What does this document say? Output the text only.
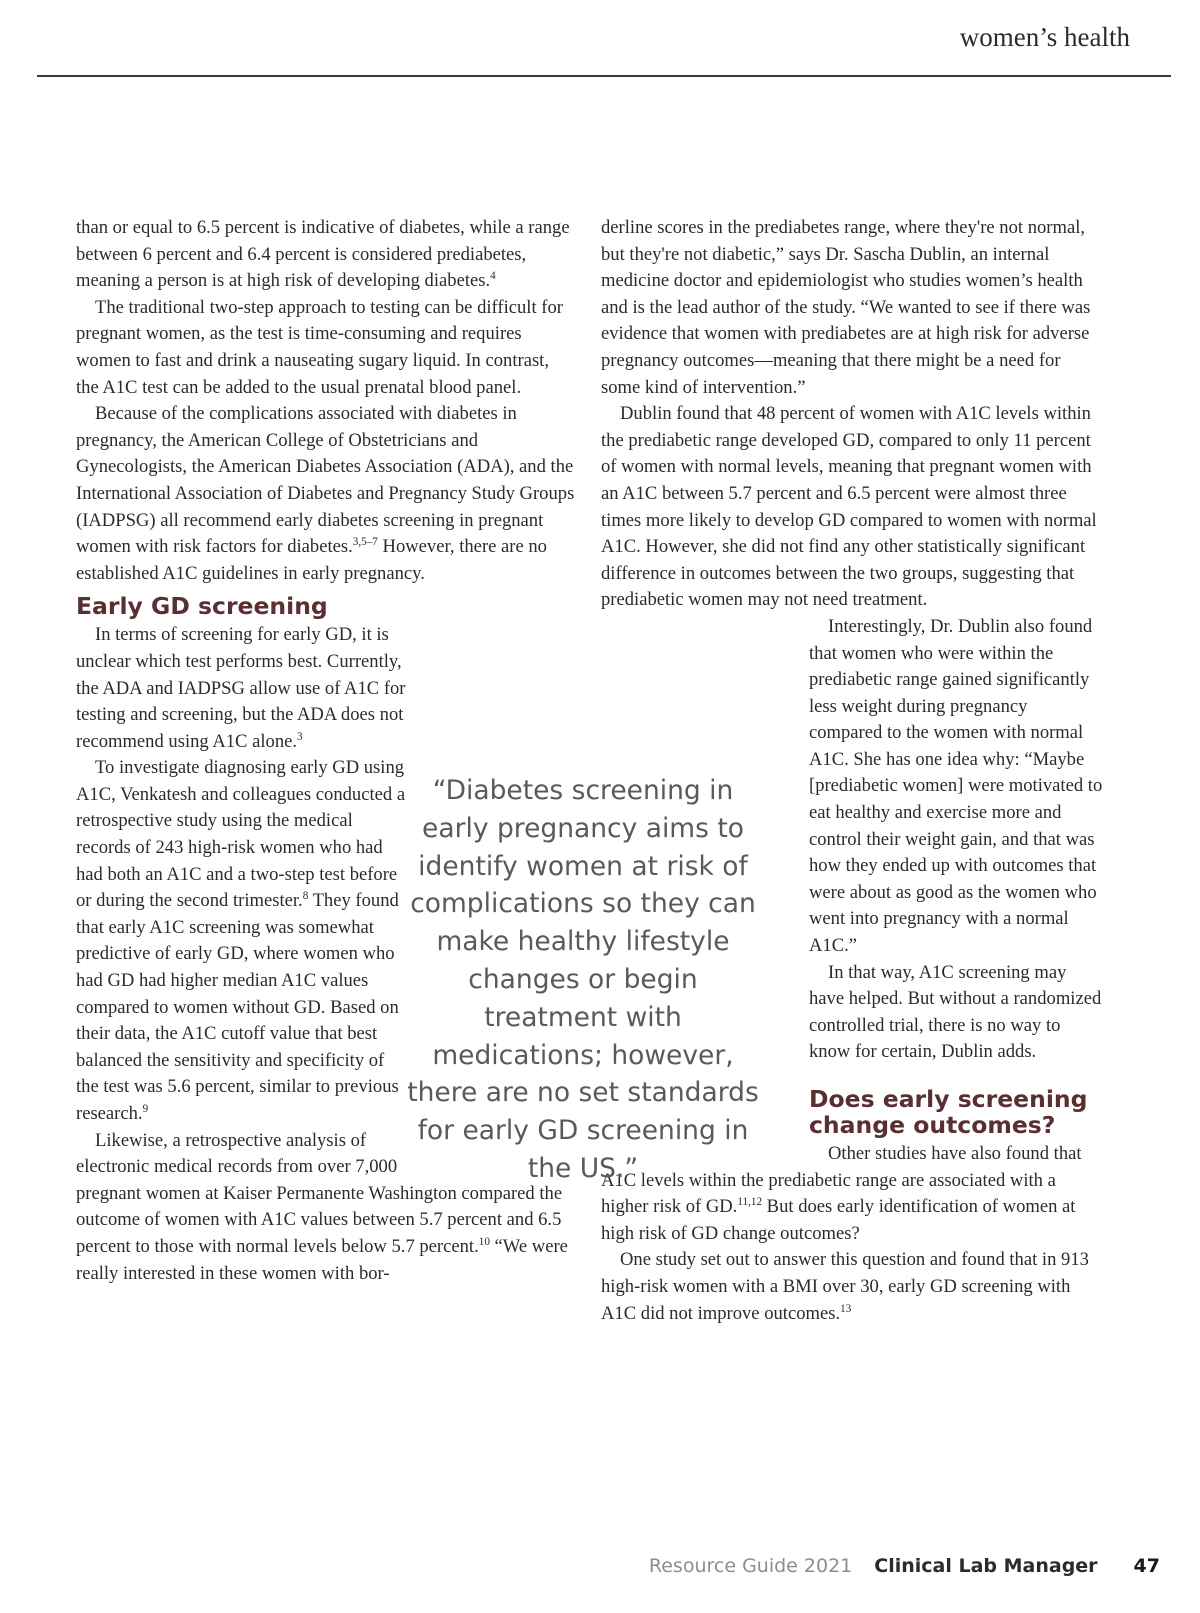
women’s health

than or equal to 6.5 percent is indicative of diabetes, while a range between 6 percent and 6.4 percent is considered prediabetes, meaning a person is at high risk of developing diabetes.$^4$

The traditional two-step approach to testing can be difficult for pregnant women, as the test is time-consuming and requires women to fast and drink a nauseating sugary liquid. In contrast, the A1C test can be added to the usual prenatal blood panel.

Because of the complications associated with diabetes in pregnancy, the American College of Obstetricians and Gynecologists, the American Diabetes Association (ADA), and the International Association of Diabetes and Pregnancy Study Groups (IADPSG) all recommend early diabetes screening in pregnant women with risk factors for diabetes.$^{3,5-7}$ However, there are no established A1C guidelines in early pregnancy.

Early GD screening

In terms of screening for early GD, it is unclear which test performs best. Currently, the ADA and IADPSG allow use of A1C for testing and screening, but the ADA does not recommend using A1C alone.$^3$

To investigate diagnosing early GD using A1C, Venkatesh and colleagues conducted a retrospective study using the medical records of 243 high-risk women who had had both an A1C and a two-step test before or during the second trimester.$^8$ They found that early A1C screening was somewhat predictive of early GD, where women who had GD had higher median A1C values compared to women without GD. Based on their data, the A1C cutoff value that best balanced the sensitivity and specificity of the test was 5.6 percent, similar to previous research.$^9$

Likewise, a retrospective analysis of electronic medical records from over 7,000 pregnant women at Kaiser Permanente Washington compared the outcome of women with A1C values between 5.7 percent and 6.5 percent to those with normal levels below 5.7 percent.$^{10}$ “We were really interested in these women with bor-

derline scores in the prediabetes range, where they're not normal, but they're not diabetic,” says Dr. Sascha Dublin, an internal medicine doctor and epidemiologist who studies women’s health and is the lead author of the study. “We wanted to see if there was evidence that women with prediabetes are at high risk for adverse pregnancy outcomes—meaning that there might be a need for some kind of intervention.”

Dublin found that 48 percent of women with A1C levels within the prediabetic range developed GD, compared to only 11 percent of women with normal levels, meaning that pregnant women with an A1C between 5.7 percent and 6.5 percent were almost three times more likely to develop GD compared to women with normal A1C. However, she did not find any other statistically significant difference in outcomes between the two groups, suggesting that prediabetic women may not need treatment.

Interestingly, Dr. Dublin also found that women who were within the prediabetic range gained significantly less weight during pregnancy compared to the women with normal A1C. She has one idea why: “Maybe [prediabetic women] were motivated to eat healthy and exercise more and control their weight gain, and that was how they ended up with outcomes that were about as good as the women who went into pregnancy with a normal A1C.”

In that way, A1C screening may have helped. But without a randomized controlled trial, there is no way to know for certain, Dublin adds.

Does early screening change outcomes?

Other studies have also found that A1C levels within the prediabetic range are associated with a higher risk of GD.$^{11,12}$ But does early identification of women at high risk of GD change outcomes?

One study set out to answer this question and found that in 913 high-risk women with a BMI over 30, early GD screening with A1C did not improve outcomes.$^{13}$

“Diabetes screening in early pregnancy aims to identify women at risk of complications so they can make healthy lifestyle changes or begin treatment with medications; however, there are no set standards for early GD screening in the US.”

Resource Guide 2021 Clinical Lab Manager 47
